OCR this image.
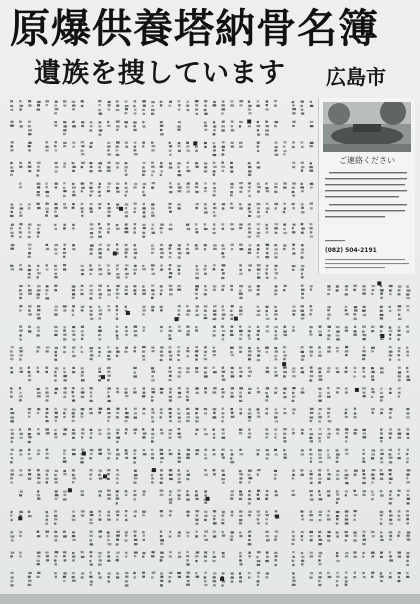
原爆供養塔納骨名簿
遺族を捜しています 広島市
ご連絡ください
(082) 504-2191
